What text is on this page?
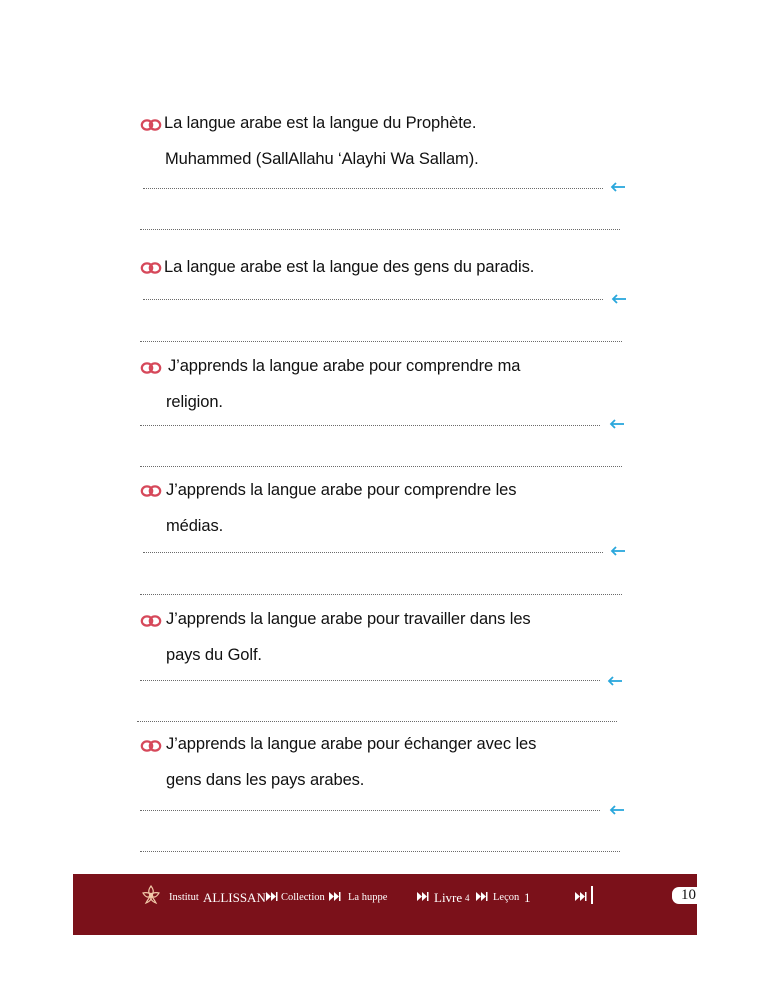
La langue arabe est la langue du Prophète.
Muhammed (SallAllahu ‘Alayhi Wa Sallam).
La langue arabe est la langue des gens du paradis.
J’apprends la langue arabe pour comprendre ma
religion.
J’apprends la langue arabe pour comprendre les
médias.
J’apprends la langue arabe pour travailler dans les
pays du Golf.
J’apprends la langue arabe pour échanger avec les
gens dans les pays arabes.
Institut ALLISSAN Collection La huppe	Livre 4 Leçon 1	10
